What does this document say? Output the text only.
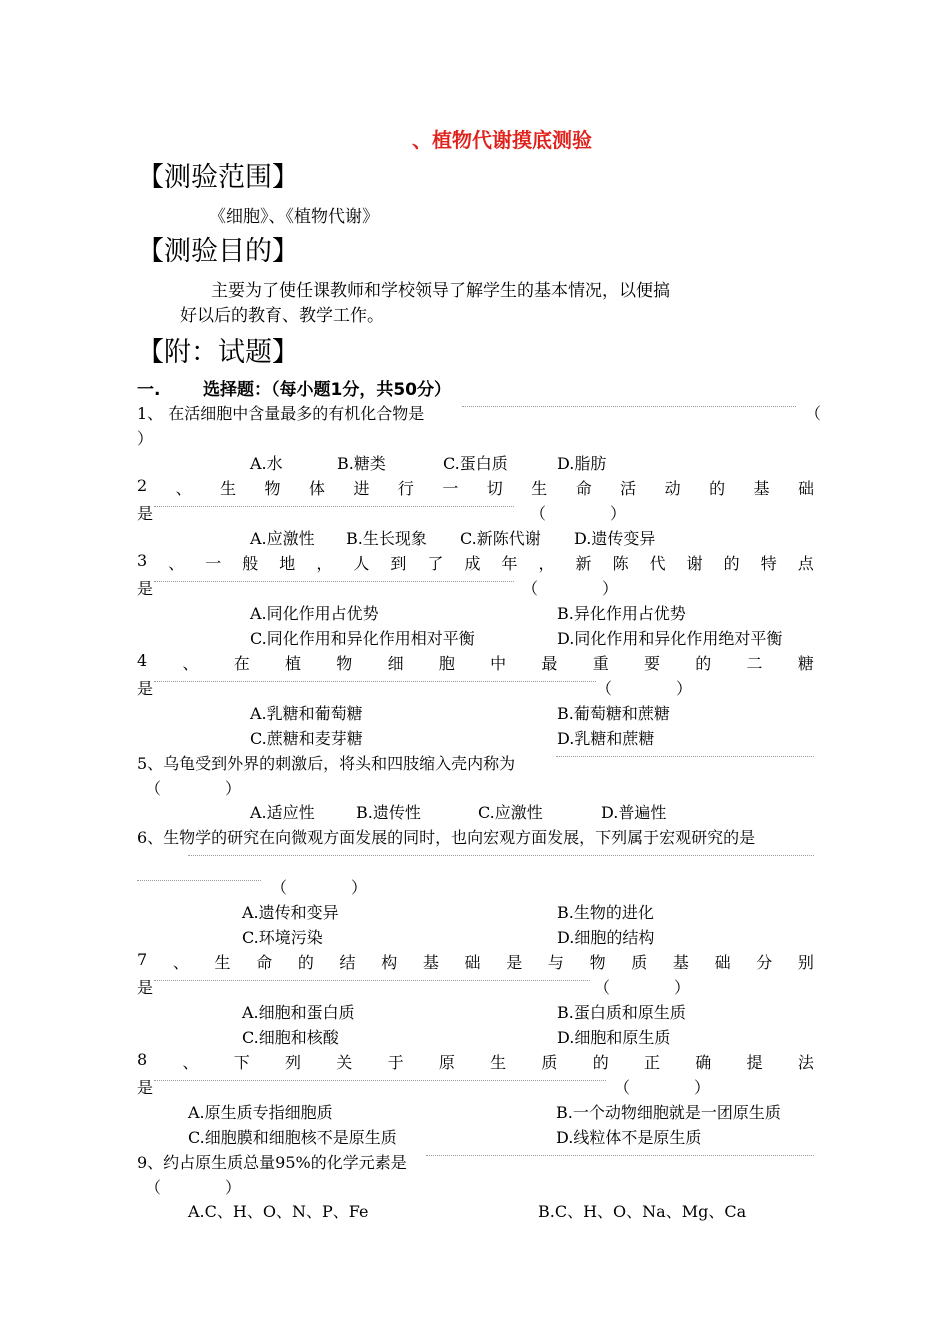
、植物代谢摸底测验
【测验范围】
《细胞》、《植物代谢》
【测验目的】
主要为了使任课教师和学校领导了解学生的基本情况，以便搞
好以后的教育、教学工作。
【附：试题】
一.	选择题：（每小题1分，共50分）
1、 在活细胞中含量最多的有机化合物是	（
）
A.水	B.糖类	C.蛋白质	D.脂肪
2 、 生 物 体 进 行 一 切 生 命 活 动 的 基 础
是	（　　　　）
A.应激性 B.生长现象 C.新陈代谢 D.遗传变异
3 、 一 般 地 ， 人 到 了 成 年 ， 新 陈 代 谢 的 特 点
是	（　　　　）
A.同化作用占优势	B.异化作用占优势
C.同化作用和异化作用相对平衡	D.同化作用和异化作用绝对平衡
4 、 在 植 物 细 胞 中 最 重 要 的 二 糖
是	（　　　　）
A.乳糖和葡萄糖	B.葡萄糖和蔗糖
C.蔗糖和麦芽糖	D.乳糖和蔗糖
5、乌龟受到外界的刺激后，将头和四肢缩入壳内称为
（　　　　）
A.适应性	B.遗传性	C.应激性	D.普遍性
6、生物学的研究在向微观方面发展的同时，也向宏观方面发展，下列属于宏观研究的是
（　　　　）
A.遗传和变异	B.生物的进化
C.环境污染	D.细胞的结构
7 、 生 命 的 结 构 基 础 是 与 物 质 基 础 分 别
是	（　　　　）
A.细胞和蛋白质	B.蛋白质和原生质
C.细胞和核酸	D.细胞和原生质
8 、 下 列 关 于 原 生 质 的 正 确 提 法
是	（　　　　）
A.原生质专指细胞质	B.一个动物细胞就是一团原生质
C.细胞膜和细胞核不是原生质	D.线粒体不是原生质
9、约占原生质总量95%的化学元素是
（　　　　）
A.C、H、O、N、P、Fe	B.C、H、O、Na、Mg、Ca
